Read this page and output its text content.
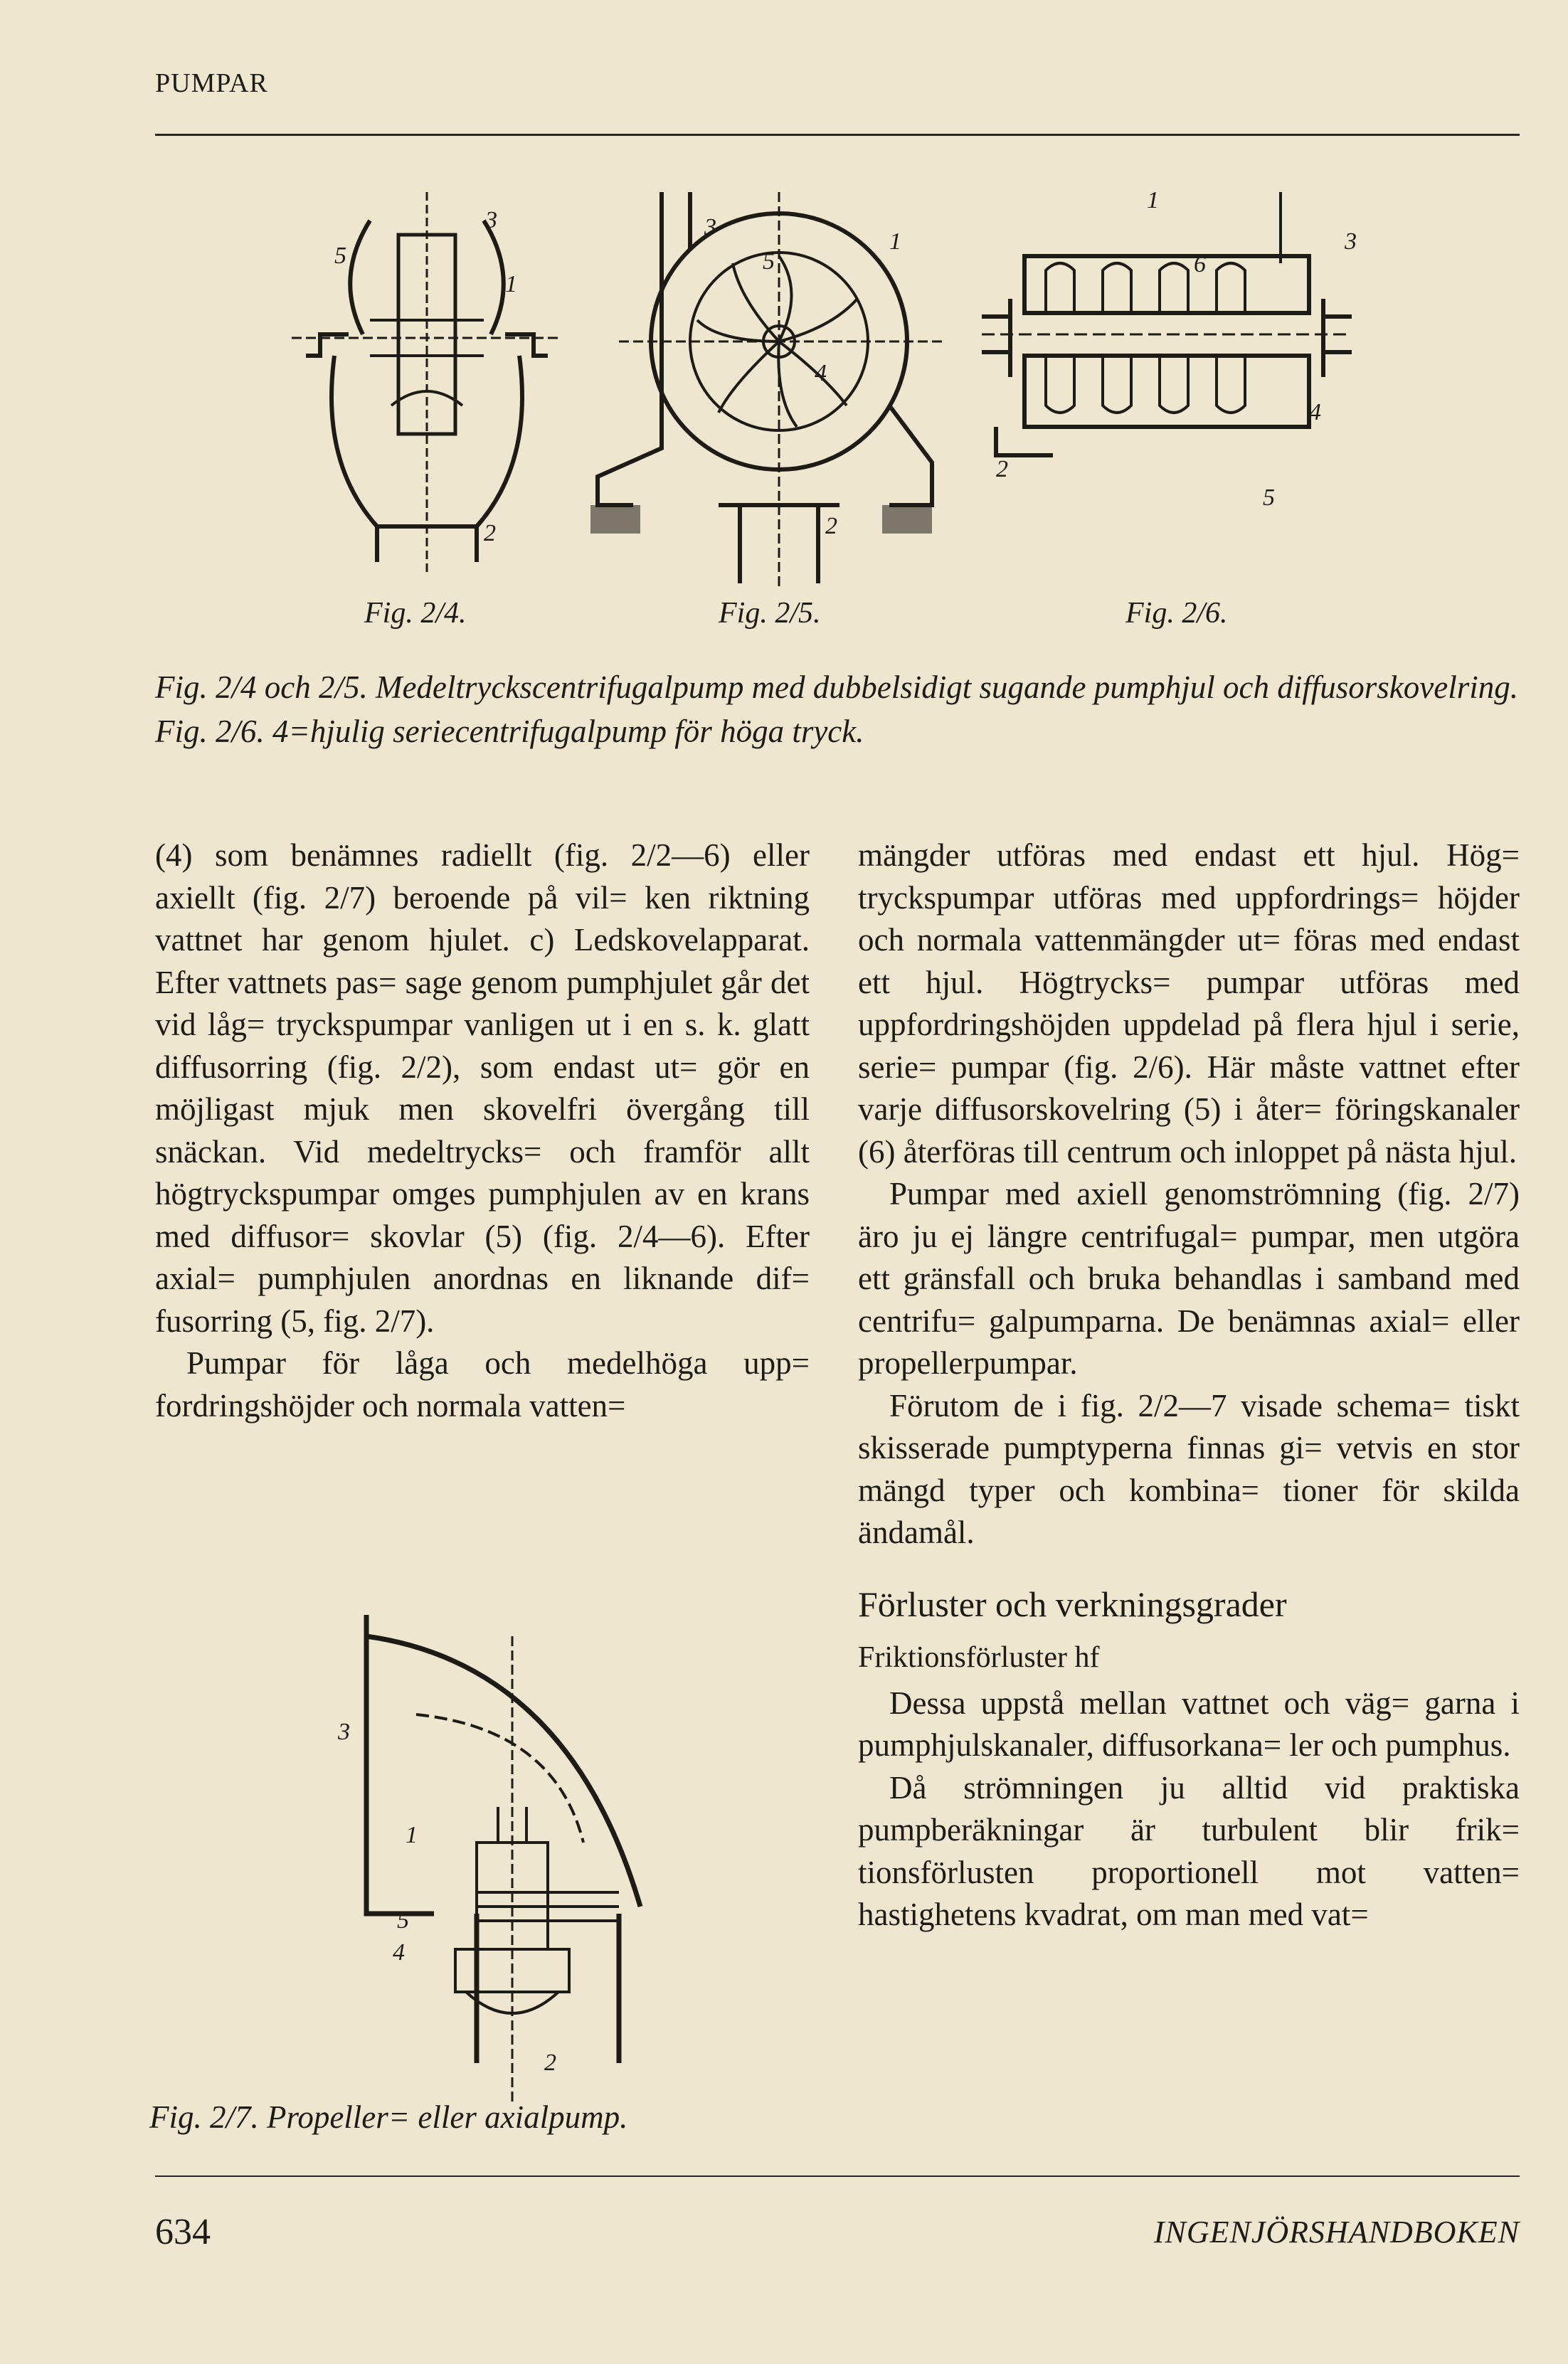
PUMPAR
5
3
1
2
3
5
1
4
2
1
6
3
4
2
5
Fig. 2/4.	Fig. 2/5.	Fig. 2/6.
Fig. 2/4 och 2/5. Medeltryckscentrifugalpump med dubbelsidigt sugande pumphjul och diffusorskovelring. Fig. 2/6. 4=hjulig seriecentrifugalpump för höga tryck.

(4) som benämnes radiellt (fig. 2/2—6) eller axiellt (fig. 2/7) beroende på vil= ken riktning vattnet har genom hjulet. c) Ledskovelapparat. Efter vattnets pas= sage genom pumphjulet går det vid låg= tryckspumpar vanligen ut i en s. k. glatt diffusorring (fig. 2/2), som endast ut= gör en möjligast mjuk men skovelfri övergång till snäckan. Vid medeltrycks= och framför allt högtryckspumpar omges pumphjulen av en krans med diffusor= skovlar (5) (fig. 2/4—6). Efter axial= pumphjulen anordnas en liknande dif= fusorring (5, fig. 2/7).

Pumpar för låga och medelhöga upp= fordringshöjder och normala vatten=

3
1
5
4
2
Fig. 2/7. Propeller= eller axialpump.

mängder utföras med endast ett hjul. Hög= tryckspumpar utföras med uppfordrings= höjder och normala vattenmängder ut= föras med endast ett hjul. Högtrycks= pumpar utföras med uppfordringshöjden uppdelad på flera hjul i serie, serie= pumpar (fig. 2/6). Här måste vattnet efter varje diffusorskovelring (5) i åter= föringskanaler (6) återföras till centrum och inloppet på nästa hjul.

Pumpar med axiell genomströmning (fig. 2/7) äro ju ej längre centrifugal= pumpar, men utgöra ett gränsfall och bruka behandlas i samband med centrifu= galpumparna. De benämnas axial= eller propellerpumpar.

Förutom de i fig. 2/2—7 visade schema= tiskt skisserade pumptyperna finnas gi= vetvis en stor mängd typer och kombina= tioner för skilda ändamål.

Förluster och verkningsgrader
Friktionsförluster hf

Dessa uppstå mellan vattnet och väg= garna i pumphjulskanaler, diffusorkana= ler och pumphus.

Då strömningen ju alltid vid praktiska pumpberäkningar är turbulent blir frik= tionsförlusten proportionell mot vatten= hastighetens kvadrat, om man med vat=

634	INGENJÖRSHANDBOKEN
